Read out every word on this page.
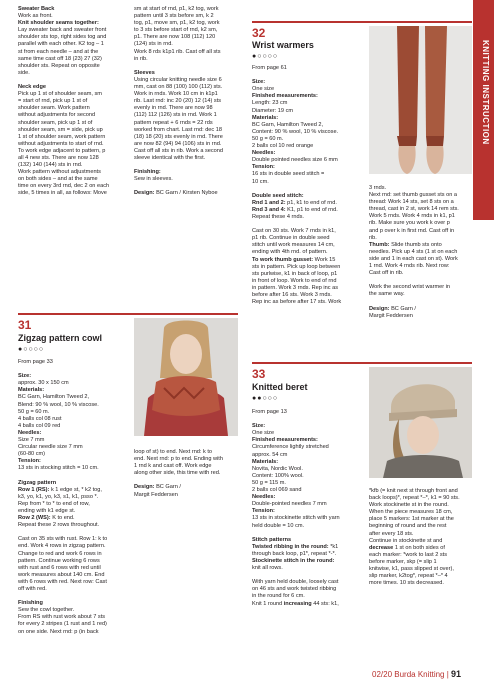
KNITTING INSTRUCTION
Sweater Back
Work as front.
Knit shoulder seams together:
Lay sweater back and sweater front
shoulder sts top, right sides tog and
parallel with each other. K2 tog – 1
st from each needle – and at the
same time cast off 18 (23) 27 (32)
shoulder sts. Repeat on opposite
side.
Neck edge
Pick up 1 st of shoulder seam, sm
= start of rnd, pick up 1 st of
shoulder seam. Work pattern
without adjustments for second
shoulder seam, pick up 1 st of
shoulder seam, sm = side, pick up
1 st of shoulder seam, work pattern
without adjustments to start of rnd.
To work edge adjacent to pattern, p
all 4 new sts. There are now 128
(132) 140 (144) sts in rnd.
Work pattern without adjustments
on both sides – and at the same
time on every 3rd rnd, dec 2 on each
side, 5 times in all, as follows: Move
sm at start of rnd, p1, k2 tog, work
pattern until 3 sts before sm, k 2
tog, p1, move sm, p1, k2 tog, work
to 3 sts before start of rnd, k2 sm,
p1. There are now 108 (112) 120
(124) sts in rnd.
Work 8 rds k1p1 rib. Cast off all sts
in rib.
Sleeves
Using circular knitting needle size 6
mm, cast on 88 (100) 100 (112) sts.
Work in rnds. Work 10 cm in k1p1
rib. Last rnd: inc 20 (20) 12 (14) sts
evenly in rnd. There are now 98
(112) 112 (126) sts in rnd. Work 1
pattern repeat + 6 rnds = 22 rds
worked from chart. Last rnd: dec 18
(18) 18 (20) sts evenly in rnd. There
are now 82 (94) 94 (106) sts in rnd.
Cast off all sts in rib. Work a second
sleeve identical with the first.
Finishing:
Sew in sleeves.
Design: BC Garn / Kirsten Nyboe
32
Wrist warmers
●○○○○
From page 61
Size:
One size
Finished measurements:
Length: 23 cm
Diameter: 19 cm
Materials:
BC Garn, Hamilton Tweed 2,
Content: 90 % wool, 10 % viscose.
50 g = 60 m.
2 balls col 10 red orange
Needles:
Double pointed needles size 6 mm
Tension:
16 sts in double seed stitch =
10 cm.
Double seed stitch:
Rnd 1 and 2: p1, k1 to end of rnd.
Rnd 3 and 4: K1, p1 to end of rnd.
Repeat these 4 rnds.
Cast on 30 sts. Work 7 rnds in k1,
p1 rib. Continue in double seed
stitch until work measures 14 cm,
ending with 4th rnd. of pattern.
To work thumb gusset: Work 15
sts in pattern. Pick up loop between
sts purlwise, k1 in back of loop, p1
in front of loop. Work to end of rnd
in pattern. Work 3 rnds. Rep inc as
before after 16 sts. Work 3 rnds.
Rep inc as before after 17 sts. Work
3 rnds.
Next rnd: set thumb gusset sts on a
thread: Work 14 sts, set 8 sts on a
thread, cast in 2 st, work 14 rem sts.
Work 5 rnds. Work 4 rnds in k1, p1
rib. Make sure you work k over p
and p over k in first rnd. Cast off in
rib.
Thumb: Slide thumb sts onto
needles. Pick up 4 sts (1 st on each
side and 1 in each cast on st). Work
1 rnd. Work 4 rnds rib. Next row:
Cast off in rib.
Work the second wrist warmer in
the same way.
Design: BC Garn /
Margit Feddersen
31
Zigzag pattern cowl
●○○○○
From page 33
Size:
approx. 30 x 150 cm
Materials:
BC Garn, Hamilton Tweed 2,
Blend: 90 % wool, 10 % viscose.
50 g = 60 m.
4 balls col 08 rust
4 balls col 09 red
Needles:
Size 7 mm
Circular needle size 7 mm
(60-80 cm)
Tension:
13 sts in stocking stitch = 10 cm.
Zigzag pattern
Row 1 (RS): k 1 edge st, * k2 tog,
k3, yo, k1, yo, k3, s1, k1, psso *.
Rep from * to * to end of row,
ending with k1 edge st.
Row 2 (WS): K to end.
Repeat these 2 rows throughout.
Cast on 35 sts with rust. Row 1: k to
end. Work 4 rows in zigzag pattern.
Change to red and work 6 rows in
pattern. Continue working 6 rows
with rust and 6 rows with red until
work measures about 140 cm. End
with 6 rows with red. Next row: Cast
off with red.
Finishing
Sew the cowl together.
From RS with rust work about 7 sts
for every 2 stripes (1 rust and 1 red)
on one side. Next rnd: p (in back
loop of st) to end. Next rnd: k to
end. Next rnd: p to end. Ending with
1 rnd k and cast off. Work edge
along other side, this time with red.
Design: BC Garn /
Margit Feddersen
33
Knitted beret
●●○○○
From page 13
Size:
One size
Finished measurements:
Circumference lightly stretched
approx. 54 cm
Materials:
Novita, Nordic Wool.
Content: 100% wool.
50 g = 115 m.
2 balls col 069 sand
Needles:
Double-pointed needles 7 mm
Tension:
13 sts in stockinette stitch with yarn
held double = 10 cm.
Stitch patterns
Twisted ribbing in the round: *k1
through back loop, p1*, repeat *-*.
Stockinette stitch in the round:
knit all rows.
With yarn held double, loosely cast
on 46 sts and work twisted ribbing
in the round for 6 cm.
Knit 1 round increasing 44 sts: k1,
*kfb (= knit next st through front and
back loops)*, repeat *–*, k1 = 90 sts.
Work stockinette st in the round.
When the piece measures 18 cm,
place 5 markers: 1st marker at the
beginning of round and the rest
after every 18 sts.
Continue in stockinette st and
decrease 1 st on both sides of
each marker: *work to last 2 sts
before marker, skp (= slip 1
knitwise, k1, pass slipped st over),
slip marker, k2tog*, repeat *–* 4
more times. 10 sts decreased.
02/20 Burda Knitting | 91
